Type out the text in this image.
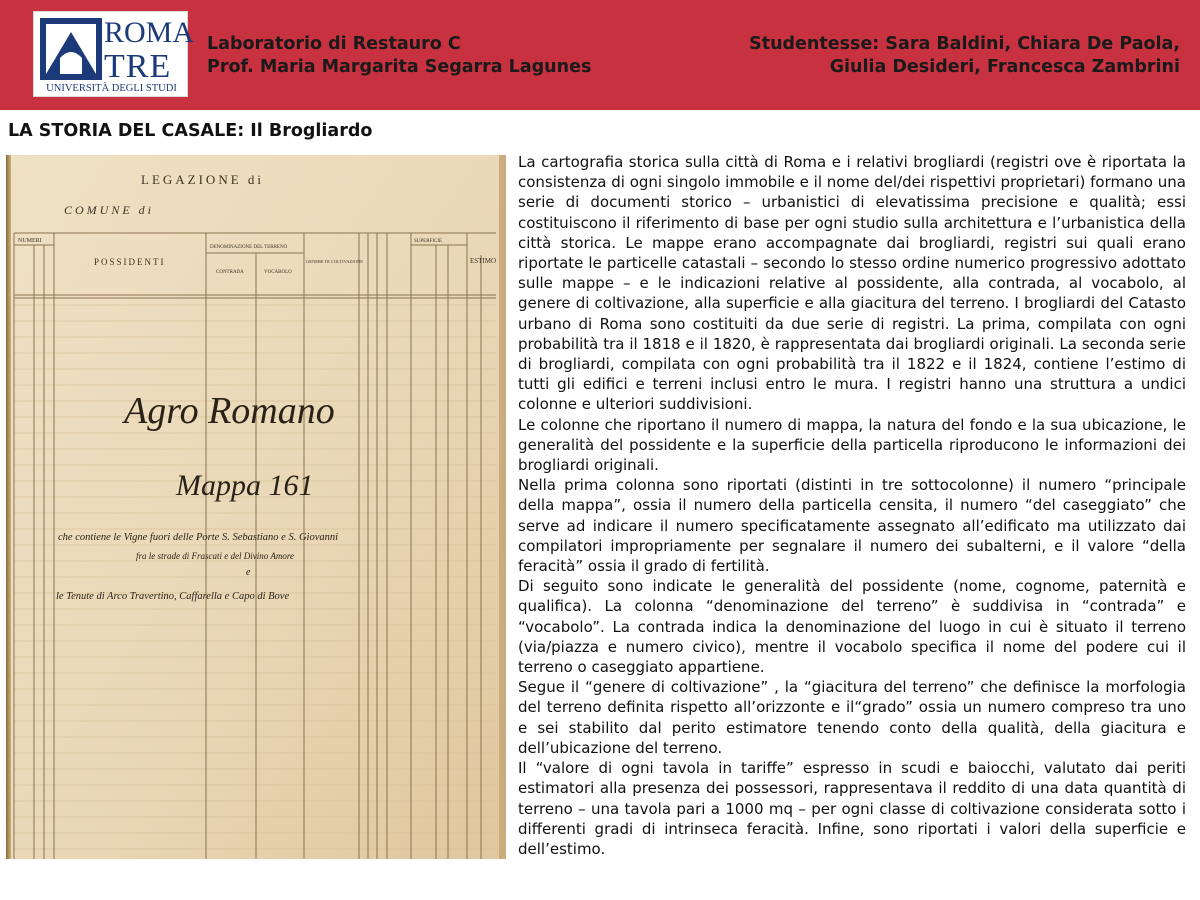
ROMA
TRE
UNIVERSITÀ DEGLI STUDI
Laboratorio di Restauro C
Prof. Maria Margarita Segarra Lagunes
Studentesse: Sara Baldini, Chiara De Paola,
Giulia Desideri, Francesca Zambrini
LA STORIA DEL CASALE: Il Brogliardo
LEGAZIONE di
COMUNE di
NUMERI
POSSIDENTI
DENOMINAZIONE DEL TERRENO
CONTRADA	VOCABOLO
GENERE DI COLTIVAZIONE
SUPERFICIE
ESTIMO
Agro Romano
Mappa 161
che contiene le Vigne fuori delle Porte S. Sebastiano e S. Giovanni
fra le strade di Frascati e del Divino Amore
e
le Tenute di Arco Travertino, Caffarella e Capo di Bove

La cartografia storica sulla città di Roma e i relativi brogliardi (registri ove è riportata la consistenza di ogni singolo immobile e il nome del/dei rispettivi proprietari) formano una serie di documenti storico – urbanistici di elevatissima precisione e qualità; essi costituiscono il riferimento di base per ogni studio sulla architettura e l’urbanistica della città storica. Le mappe erano accompagnate dai brogliardi, registri sui quali erano riportate le particelle catastali – secondo lo stesso ordine numerico progressivo adottato sulle mappe – e le indicazioni relative al possidente, alla contrada, al vocabolo, al genere di coltivazione, alla superficie e alla giacitura del terreno. I brogliardi del Catasto urbano di Roma sono costituiti da due serie di registri. La prima, compilata con ogni probabilità tra il 1818 e il 1820, è rappresentata dai brogliardi originali. La seconda serie di brogliardi, compilata con ogni probabilità tra il 1822 e il 1824, contiene l’estimo di tutti gli edifici e terreni inclusi entro le mura. I registri hanno una struttura a undici colonne e ulteriori suddivisioni.

Le colonne che riportano il numero di mappa, la natura del fondo e la sua ubicazione, le generalità del possidente e la superficie della particella riproducono le informazioni dei brogliardi originali.

Nella prima colonna sono riportati (distinti in tre sottocolonne) il numero “principale della mappa”, ossia il numero della particella censita, il numero “del caseggiato” che serve ad indicare il numero specificatamente assegnato all’edificato ma utilizzato dai compilatori impropriamente per segnalare il numero dei subalterni, e il valore “della feracità” ossia il grado di fertilità.

Di seguito sono indicate le generalità del possidente (nome, cognome, paternità e qualifica). La colonna “denominazione del terreno” è suddivisa in “contrada” e “vocabolo”. La contrada indica la denominazione del luogo in cui è situato il terreno (via/piazza e numero civico), mentre il vocabolo specifica il nome del podere cui il terreno o caseggiato appartiene.

Segue il “genere di coltivazione” , la “giacitura del terreno” che definisce la morfologia del terreno definita rispetto all’orizzonte e il“grado” ossia un numero compreso tra uno e sei stabilito dal perito estimatore tenendo conto della qualità, della giacitura e dell’ubicazione del terreno.

Il “valore di ogni tavola in tariffe” espresso in scudi e baiocchi, valutato dai periti estimatori alla presenza dei possessori, rappresentava il reddito di una data quantità di terreno – una tavola pari a 1000 mq – per ogni classe di coltivazione considerata sotto i differenti gradi di intrinseca feracità. Infine, sono riportati i valori della superficie e dell’estimo.
